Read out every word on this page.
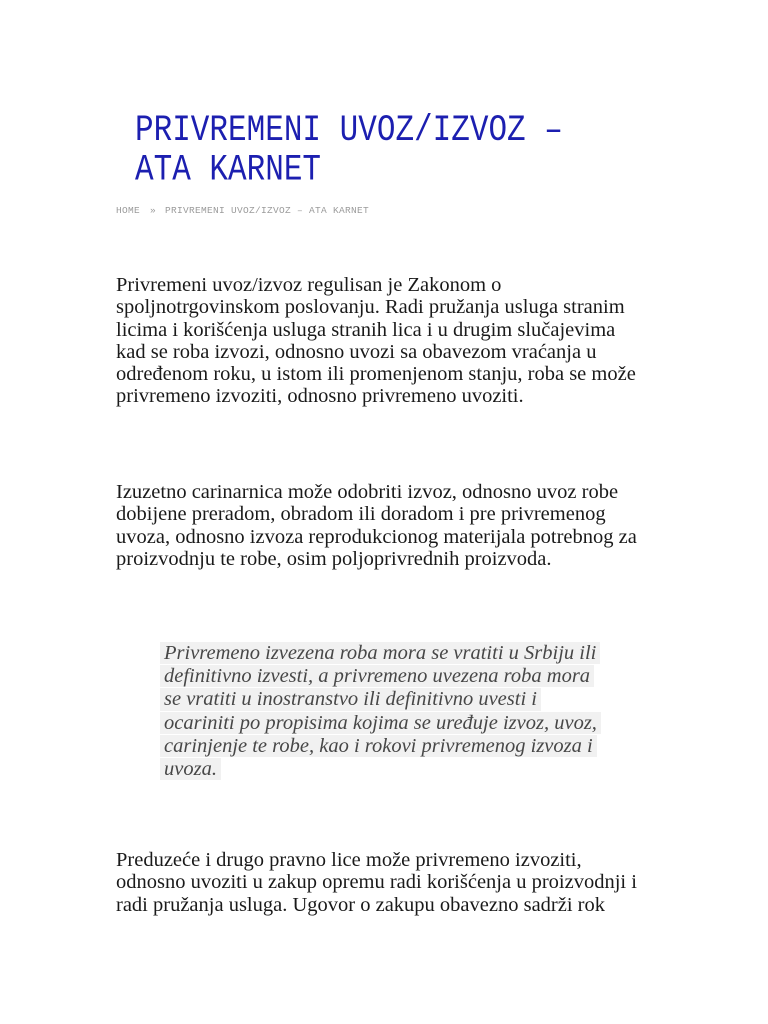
PRIVREMENI UVOZ/IZVOZ – ATA KARNET
HOME » PRIVREMENI UVOZ/IZVOZ – ATA KARNET
Privremeni uvoz/izvoz regulisan je Zakonom o
spoljnotrgovinskom poslovanju. Radi pružanja usluga stranim
licima i korišćenja usluga stranih lica i u drugim slučajevima
kad se roba izvozi, odnosno uvozi sa obavezom vraćanja u
određenom roku, u istom ili promenjenom stanju, roba se može
privremeno izvoziti, odnosno privremeno uvoziti.
Izuzetno carinarnica može odobriti izvoz, odnosno uvoz robe
dobijene preradom, obradom ili doradom i pre privremenog
uvoza, odnosno izvoza reprodukcionog materijala potrebnog za
proizvodnju te robe, osim poljoprivrednih proizvoda.
Privremeno izvezena roba mora se vratiti u Srbiju ili
definitivno izvesti, a privremeno uvezena roba mora
se vratiti u inostranstvo ili definitivno uvesti i
ocariniti po propisima kojima se uređuje izvoz, uvoz,
carinjenje te robe, kao i rokovi privremenog izvoza i
uvoza.
Preduzeće i drugo pravno lice može privremeno izvoziti,
odnosno uvoziti u zakup opremu radi korišćenja u proizvodnji i
radi pružanja usluga. Ugovor o zakupu obavezno sadrži rok
